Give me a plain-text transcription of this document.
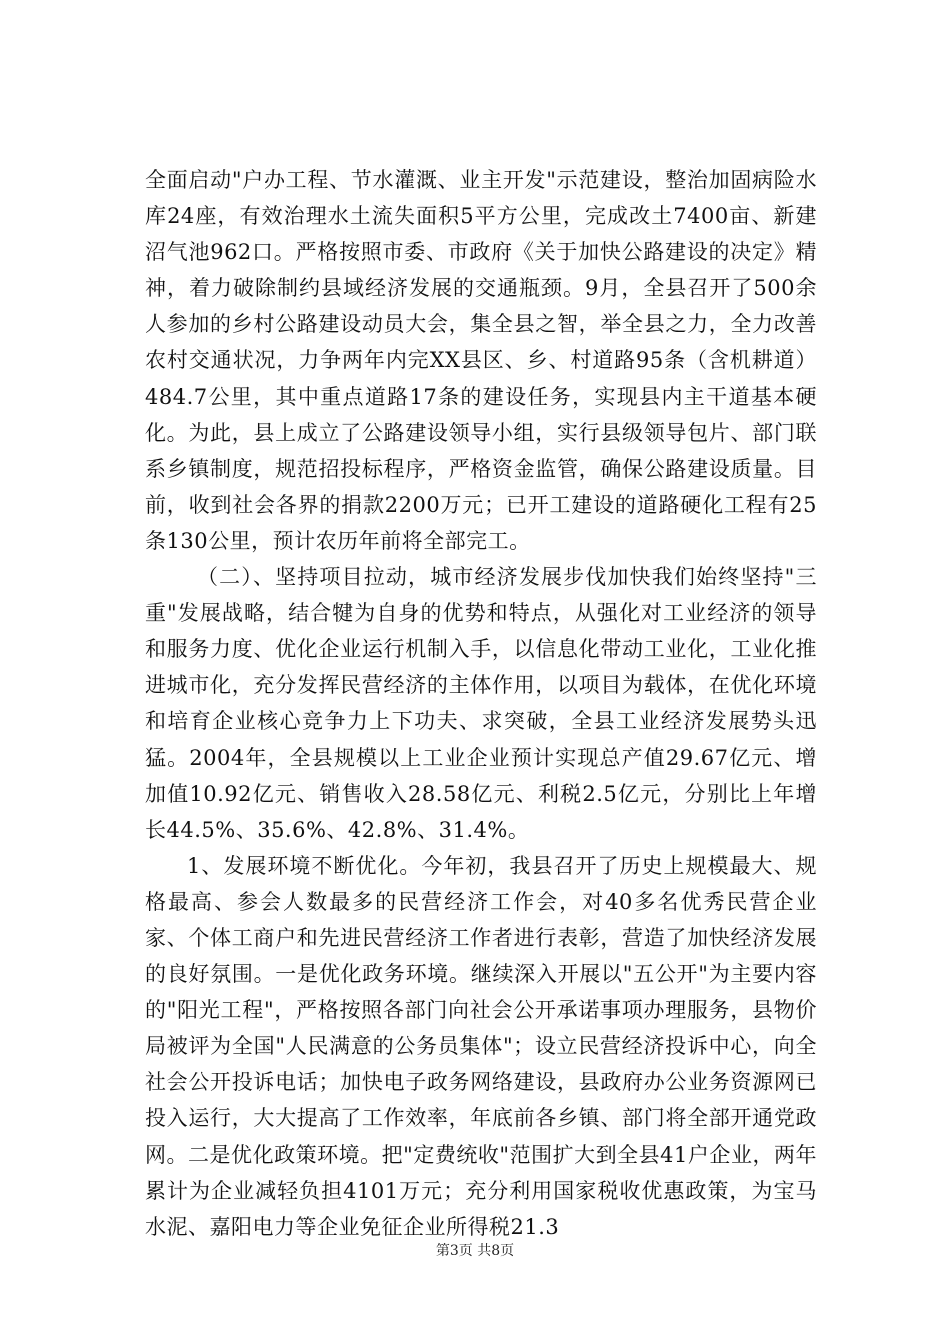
全面启动"户办工程、节水灌溉、业主开发"示范建设，整治加固病险水库24座，有效治理水土流失面积5平方公里，完成改土7400亩、新建沼气池962口。严格按照市委、市政府《关于加快公路建设的决定》精神，着力破除制约县域经济发展的交通瓶颈。9月，全县召开了500余人参加的乡村公路建设动员大会，集全县之智，举全县之力，全力改善农村交通状况，力争两年内完XX县区、乡、村道路95条（含机耕道）484.7公里，其中重点道路17条的建设任务，实现县内主干道基本硬化。为此，县上成立了公路建设领导小组，实行县级领导包片、部门联系乡镇制度，规范招投标程序，严格资金监管，确保公路建设质量。目前，收到社会各界的捐款2200万元；已开工建设的道路硬化工程有25条130公里，预计农历年前将全部完工。

（二）、坚持项目拉动，城市经济发展步伐加快我们始终坚持"三重"发展战略，结合犍为自身的优势和特点，从强化对工业经济的领导和服务力度、优化企业运行机制入手，以信息化带动工业化，工业化推进城市化，充分发挥民营经济的主体作用，以项目为载体，在优化环境和培育企业核心竞争力上下功夫、求突破，全县工业经济发展势头迅猛。2004年，全县规模以上工业企业预计实现总产值29.67亿元、增加值10.92亿元、销售收入28.58亿元、利税2.5亿元，分别比上年增长44.5%、35.6%、42.8%、31.4%。

1、发展环境不断优化。今年初，我县召开了历史上规模最大、规格最高、参会人数最多的民营经济工作会，对40多名优秀民营企业家、个体工商户和先进民营经济工作者进行表彰，营造了加快经济发展的良好氛围。一是优化政务环境。继续深入开展以"五公开"为主要内容的"阳光工程"，严格按照各部门向社会公开承诺事项办理服务，县物价局被评为全国"人民满意的公务员集体"；设立民营经济投诉中心，向全社会公开投诉电话；加快电子政务网络建设，县政府办公业务资源网已投入运行，大大提高了工作效率，年底前各乡镇、部门将全部开通党政网。二是优化政策环境。把"定费统收"范围扩大到全县41户企业，两年累计为企业减轻负担4101万元；充分利用国家税收优惠政策，为宝马水泥、嘉阳电力等企业免征企业所得税21.3

第3页 共8页
